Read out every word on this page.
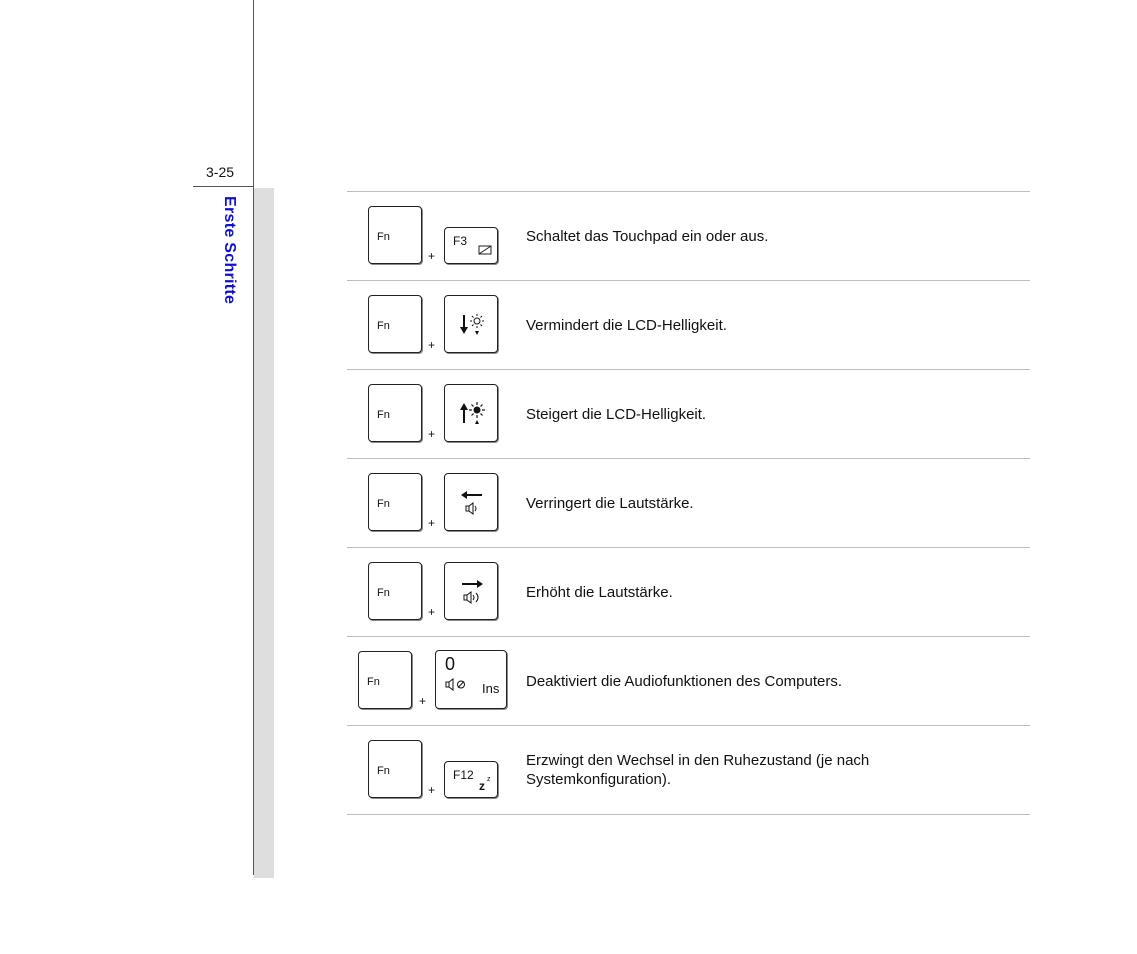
3-25
Erste Schritte	Fn
+
F3	Schaltet das Touchpad ein oder aus.
Fn
+
Vermindert die LCD-Helligkeit.
Fn
+
Steigert die LCD-Helligkeit.
Fn
+
Verringert die Lautstärke.
Fn
+
Erhöht die Lautstärke.
Fn
+
0
Ins Deaktiviert die Audiofunktionen des Computers.
Fn
+
F12
z z
Erzwingt den Wechsel in den Ruhezustand (je nach
Systemkonfiguration).
